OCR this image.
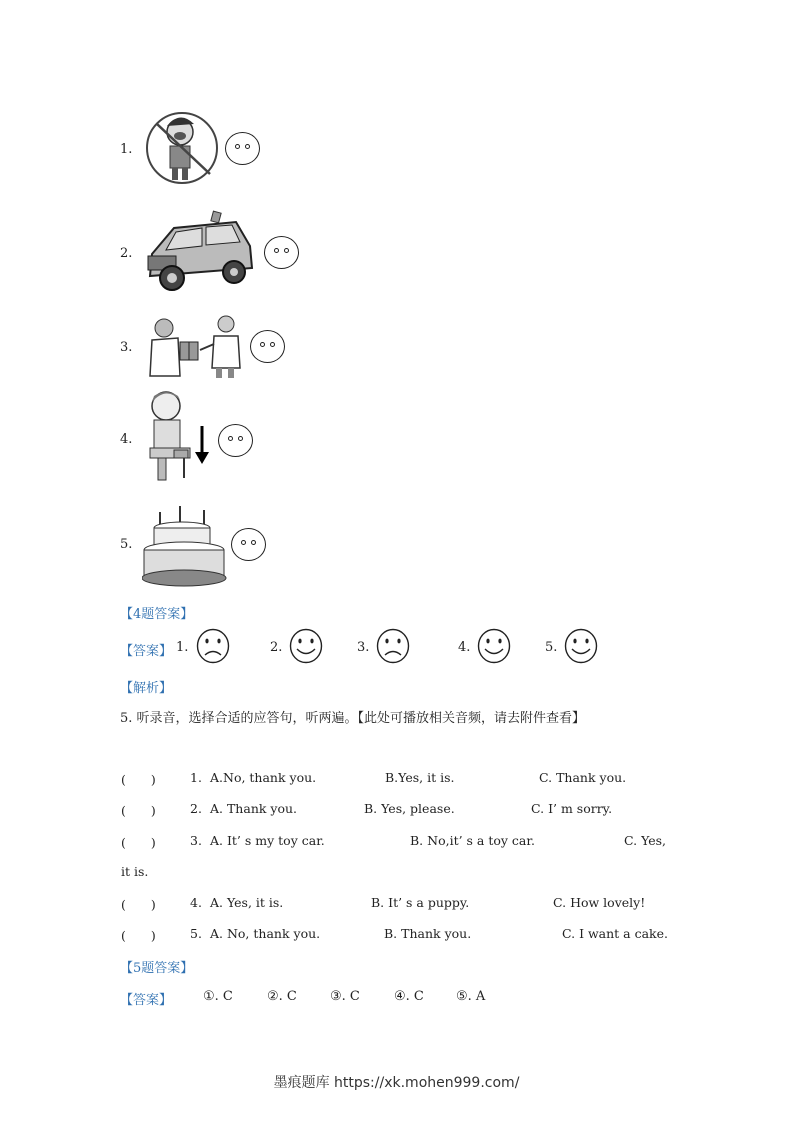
1.
2.
3.
4.
5.
【4题答案】
【答案】 1.	2.	3.	4.	5.
【解析】
5. 听录音，选择合适的应答句，听两遍。【此处可播放相关音频，请去附件查看】
(　　)	1. A.No, thank you.	B.Yes, it is.	C. Thank you.
(　　)	2. A. Thank you.	B. Yes, please.	C. I’ m sorry.
(　　)	3. A. It’ s my toy car.	B. No,it’ s a toy car.	C. Yes,
it is.
(　　)	4. A. Yes, it is.	B. It’ s a puppy.	C. How lovely!
(　　)	5. A. No, thank you.	B. Thank you.	C. I want a cake.
【5题答案】
【答案】 ①. C	②. C	③. C	④. C ⑤. A
墨痕题库 https://xk.mohen999.com/
